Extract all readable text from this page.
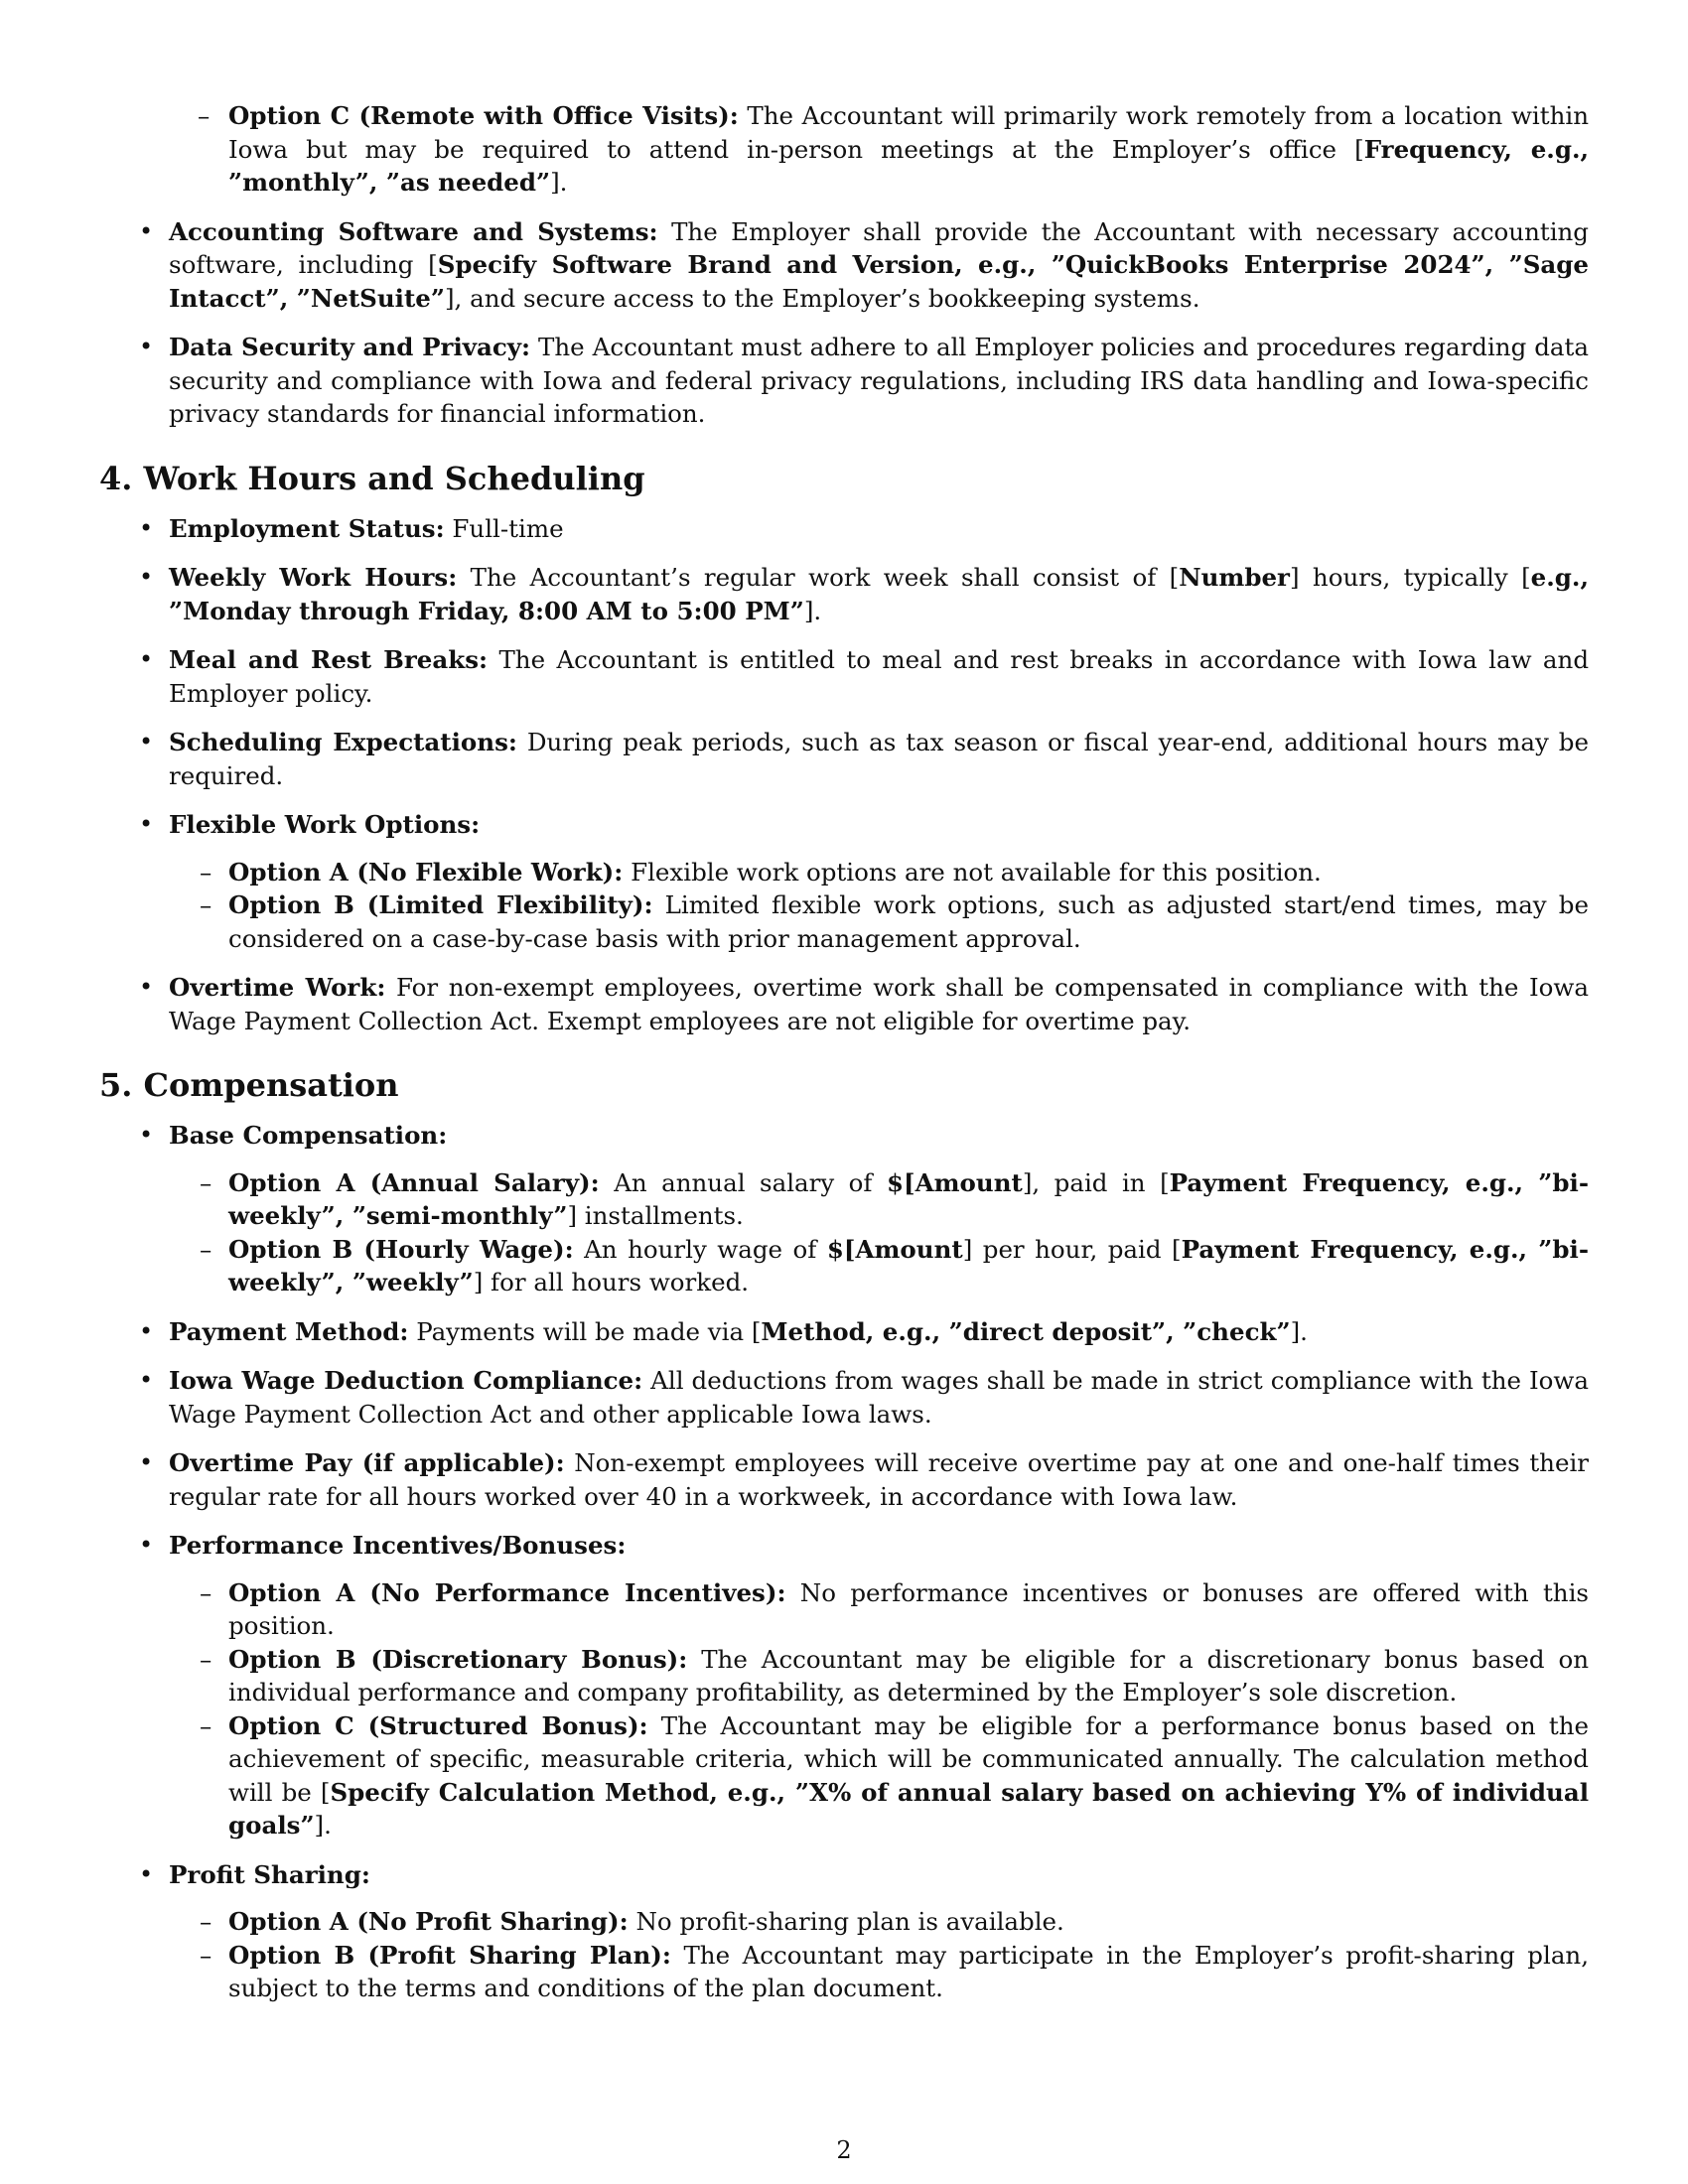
– Option C (Remote with Office Visits): The Accountant will primarily work remotely from a location within Iowa but may be required to attend in-person meetings at the Employer’s office [Frequency, e.g., ”monthly”, ”as needed”].
• Accounting Software and Systems: The Employer shall provide the Accountant with necessary accounting software, including [Specify Software Brand and Version, e.g., ”QuickBooks Enterprise 2024”, ”Sage Intacct”, ”NetSuite”], and secure access to the Employer’s bookkeeping systems.
• Data Security and Privacy: The Accountant must adhere to all Employer policies and procedures regarding data security and compliance with Iowa and federal privacy regulations, including IRS data handling and Iowa-specific privacy standards for financial information.
4. Work Hours and Scheduling
• Employment Status: Full-time
• Weekly Work Hours: The Accountant’s regular work week shall consist of [Number] hours, typically [e.g., ”Monday through Friday, 8:00 AM to 5:00 PM”].
• Meal and Rest Breaks: The Accountant is entitled to meal and rest breaks in accordance with Iowa law and Employer policy.
• Scheduling Expectations: During peak periods, such as tax season or fiscal year-end, additional hours may be required.
• Flexible Work Options:
– Option A (No Flexible Work): Flexible work options are not available for this position.
– Option B (Limited Flexibility): Limited flexible work options, such as adjusted start/end times, may be considered on a case-by-case basis with prior management approval.
• Overtime Work: For non-exempt employees, overtime work shall be compensated in compliance with the Iowa Wage Payment Collection Act. Exempt employees are not eligible for overtime pay.
5. Compensation
• Base Compensation:
– Option A (Annual Salary): An annual salary of $[Amount], paid in [Payment Frequency, e.g., ”bi-weekly”, ”semi-monthly”] installments.
– Option B (Hourly Wage): An hourly wage of $[Amount] per hour, paid [Payment Frequency, e.g., ”bi-weekly”, ”weekly”] for all hours worked.
• Payment Method: Payments will be made via [Method, e.g., ”direct deposit”, ”check”].
• Iowa Wage Deduction Compliance: All deductions from wages shall be made in strict compliance with the Iowa Wage Payment Collection Act and other applicable Iowa laws.
• Overtime Pay (if applicable): Non-exempt employees will receive overtime pay at one and one-half times their regular rate for all hours worked over 40 in a workweek, in accordance with Iowa law.
• Performance Incentives/Bonuses:
– Option A (No Performance Incentives): No performance incentives or bonuses are offered with this position.
– Option B (Discretionary Bonus): The Accountant may be eligible for a discretionary bonus based on individual performance and company profitability, as determined by the Employer’s sole discretion.
– Option C (Structured Bonus): The Accountant may be eligible for a performance bonus based on the achievement of specific, measurable criteria, which will be communicated annually. The calculation method will be [Specify Calculation Method, e.g., ”X% of annual salary based on achieving Y% of individual goals”].
• Profit Sharing:
– Option A (No Profit Sharing): No profit-sharing plan is available.
– Option B (Profit Sharing Plan): The Accountant may participate in the Employer’s profit-sharing plan, subject to the terms and conditions of the plan document.
2
